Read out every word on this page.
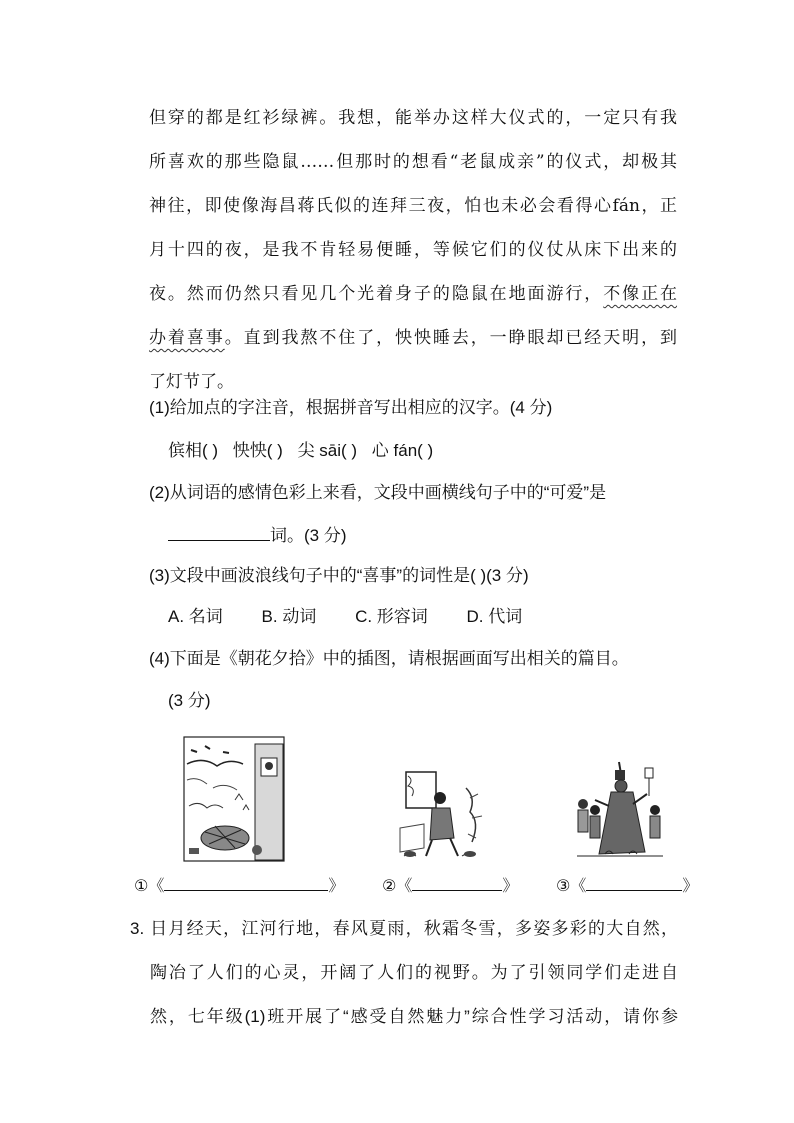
但穿的都是红衫绿裤。我想，能举办这样大仪式的，一定只有我
所喜欢的那些隐鼠……但那时的想看“老鼠成亲”的仪式，却极其
神往，即使像海昌蒋氏似的连拜三夜，怕也未必会看得心fán，正
月十四的夜，是我不肯轻易便睡，等候它们的仪仗从床下出来的
夜。然而仍然只看见几个光着身子的隐鼠在地面游行，不像正在
办着喜事。直到我熬不住了，怏怏睡去，一睁眼却已经天明，到
了灯节了。
(1)给加点的字注音，根据拼音写出相应的汉字。(4 分)
傧相( ) 怏怏( ) 尖 sāi( ) 心 fán( )
(2)从词语的感情色彩上来看，文段中画横线句子中的“可爱”是
词。(3 分)
(3)文段中画波浪线句子中的“喜事”的词性是( )(3 分)
A. 名词 B. 动词 C. 形容词 D. 代词
(4)下面是《朝花夕拾》中的插图，请根据画面写出相关的篇目。
(3 分)
①《	》 ②《	》 ③《	》
3. 日月经天，江河行地，春风夏雨，秋霜冬雪，多姿多彩的大自然，
陶冶了人们的心灵，开阔了人们的视野。为了引领同学们走进自
然，七年级(1)班开展了“感受自然魅力”综合性学习活动，请你参
